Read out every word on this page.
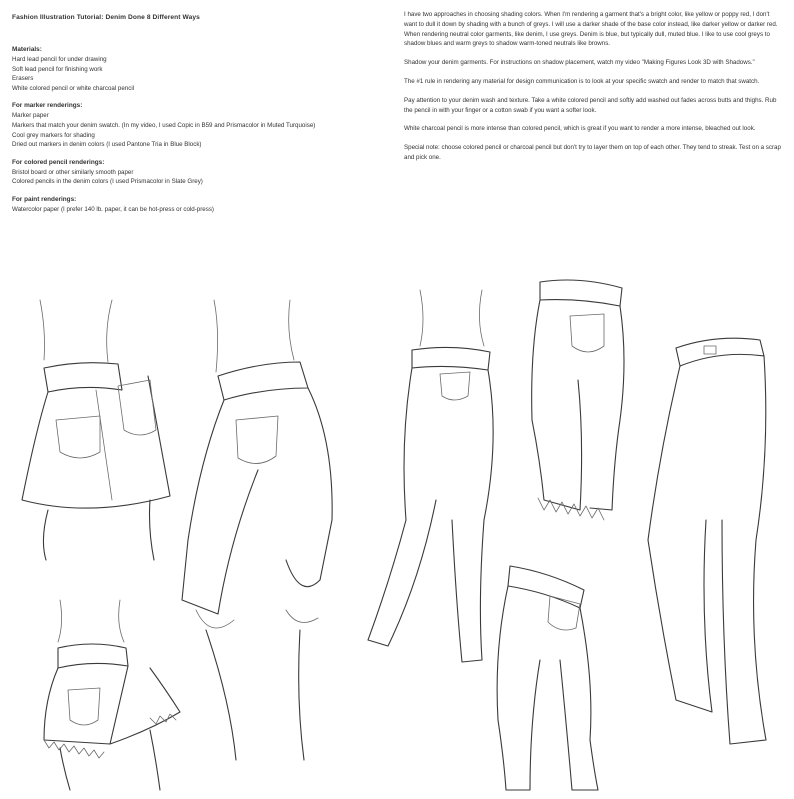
Fashion Illustration Tutorial: Denim Done 8 Different Ways

Materials:

Hard lead pencil for under drawing

Soft lead pencil for finishing work

Erasers

White colored pencil or white charcoal pencil

For marker renderings:

Marker paper

Markers that match your denim swatch. (In my video, I used Copic in B59 and Prismacolor in Muted Turquoise)

Cool grey markers for shading

Dried out markers in denim colors (I used Pantone Tria in Blue Block)

For colored pencil renderings:

Bristol board or other similarly smooth paper

Colored pencils in the denim colors (I used Prismacolor in Slate Grey)

For paint renderings:

Watercolor paper (I prefer 140 lb. paper, it can be hot-press or cold-press)

I have two approaches in choosing shading colors. When I'm rendering a garment that's a bright color, like yellow or poppy red, I don't want to dull it down by shading with a bunch of greys. I will use a darker shade of the base color instead, like darker yellow or darker red. When rendering neutral color garments, like denim, I use greys. Denim is blue, but typically dull, muted blue. I like to use cool greys to shadow blues and warm greys to shadow warm-toned neutrals like browns.

Shadow your denim garments. For instructions on shadow placement, watch my video "Making Figures Look 3D with Shadows."

The #1 rule in rendering any material for design communication is to look at your specific swatch and render to match that swatch.

Pay attention to your denim wash and texture. Take a white colored pencil and softly add washed out fades across butts and thighs. Rub the pencil in with your finger or a cotton swab if you want a softer look.

White charcoal pencil is more intense than colored pencil, which is great if you want to render a more intense, bleached out look.

Special note: choose colored pencil or charcoal pencil but don't try to layer them on top of each other. They tend to streak. Test on a scrap and pick one.
